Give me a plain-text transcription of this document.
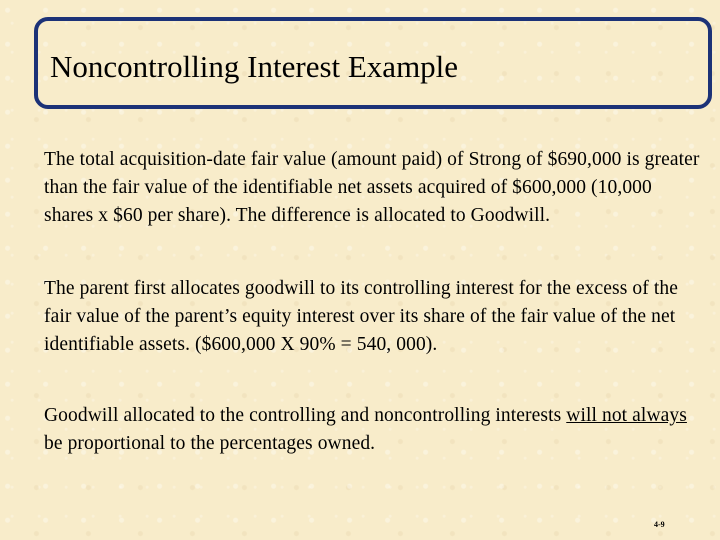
Noncontrolling Interest Example

The total acquisition-date fair value (amount paid) of Strong of $690,000 is greater than the fair value of the identifiable net assets acquired of $600,000 (10,000 shares x $60 per share). The difference is allocated to Goodwill.

The parent first allocates goodwill to its controlling interest for the excess of the fair value of the parent’s equity interest over its share of the fair value of the net identifiable assets. ($600,000 X 90% = 540, 000).

Goodwill allocated to the controlling and noncontrolling interests will not always be proportional to the percentages owned.

4-9
